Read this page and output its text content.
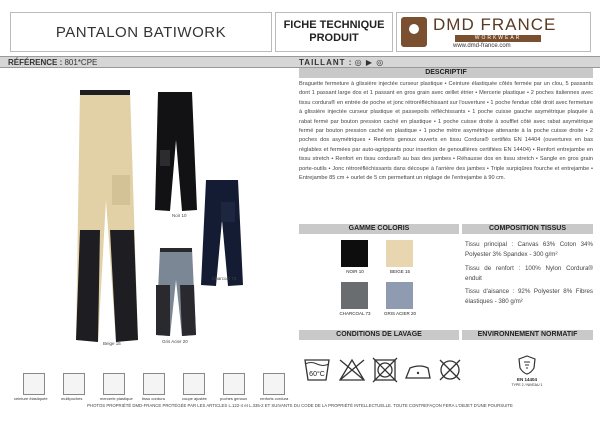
PANTALON BATIWORK	FICHE TECHNIQUE
PRODUIT
DMD FRANCE
WORKWEAR
www.dmd-france.com
RÉFÉRENCE : 801*CPE	TAILLANT : ◎ ▶ ◎
Beige 15
Noir 10
Charcoal 73
Gris Acier 20
ceinture élastiquée	multipoches	mercerie plastique tissu cordura	coupe ajustée	poches genoux	renforts cordura
DESCRIPTIF
Braguette fermeture à glissière injectée curseur plastique • Ceinture élastiquée côtés fermée par un clou, 5 passants dont 1 passant large dos et 1 passant en gros grain avec œillet étrier • Mercerie plastique • 2 poches italiennes avec tissu cordura® en entrée de poche et jonc rétroréfléchissant sur l'ouverture • 1 poche fendue côté droit avec fermeture à glissière injectée curseur plastique et passepoils réfléchissants • 1 poche cuisse gauche asymétrique plaquée à rabat fermé par bouton pression caché en plastique • 1 poche cuisse droite à soufflet côté avec rabat asymétrique fermé par bouton pression caché en plastique • 1 poche mètre asymétrique attenante à la poche cuisse droite • 2 poches dos asymétriques • Renforts genoux ouverts en tissu Cordura® certifiés EN 14404 (ouvertures en bas réglables et fermées par auto-agrippants pour insertion de genouillères certifiées EN 14404) • Renfort entrejambe en tissu stretch • Renfort en tissu cordura® au bas des jambes • Réhausse dos en tissu stretch • Sangle en gros grain porte-outils • Jonc rétroréfléchissants dans découpe à l'arrière des jambes • Triple surpiqûres fourche et entrejambe • Entrejambe 85 cm + ourlet de 5 cm permettant un réglage de l'entrejambe à 90 cm.
GAMME COLORIS
NOIR 10	BEIGE 15
CHARCOAL 73	GRIS ACIER 20
COMPOSITION TISSUS

Tissu principal : Canvas 63% Coton 34% Polyester 3% Spandex - 300 g/m²

Tissu de renfort : 100% Nylon Cordura® enduit

Tissu d'aisance : 92% Polyester 8% Fibres élastiques - 380 g/m²

CONDITIONS DE LAVAGE
60°C
ENVIRONNEMENT NORMATIF
EN 14404
TYPE 2 / NIVEAU 1
PHOTOS PROPRIÉTÉ DMD-FRANCE PROTÉGÉE PAR LES ARTICLES L.122-4 et L.335-2 ET SUIVANTS DU CODE DE LA PROPRIÉTÉ INTELLECTUELLE. TOUTE CONTREFAÇON FERA L'OBJET D'UNE POURSUITE
